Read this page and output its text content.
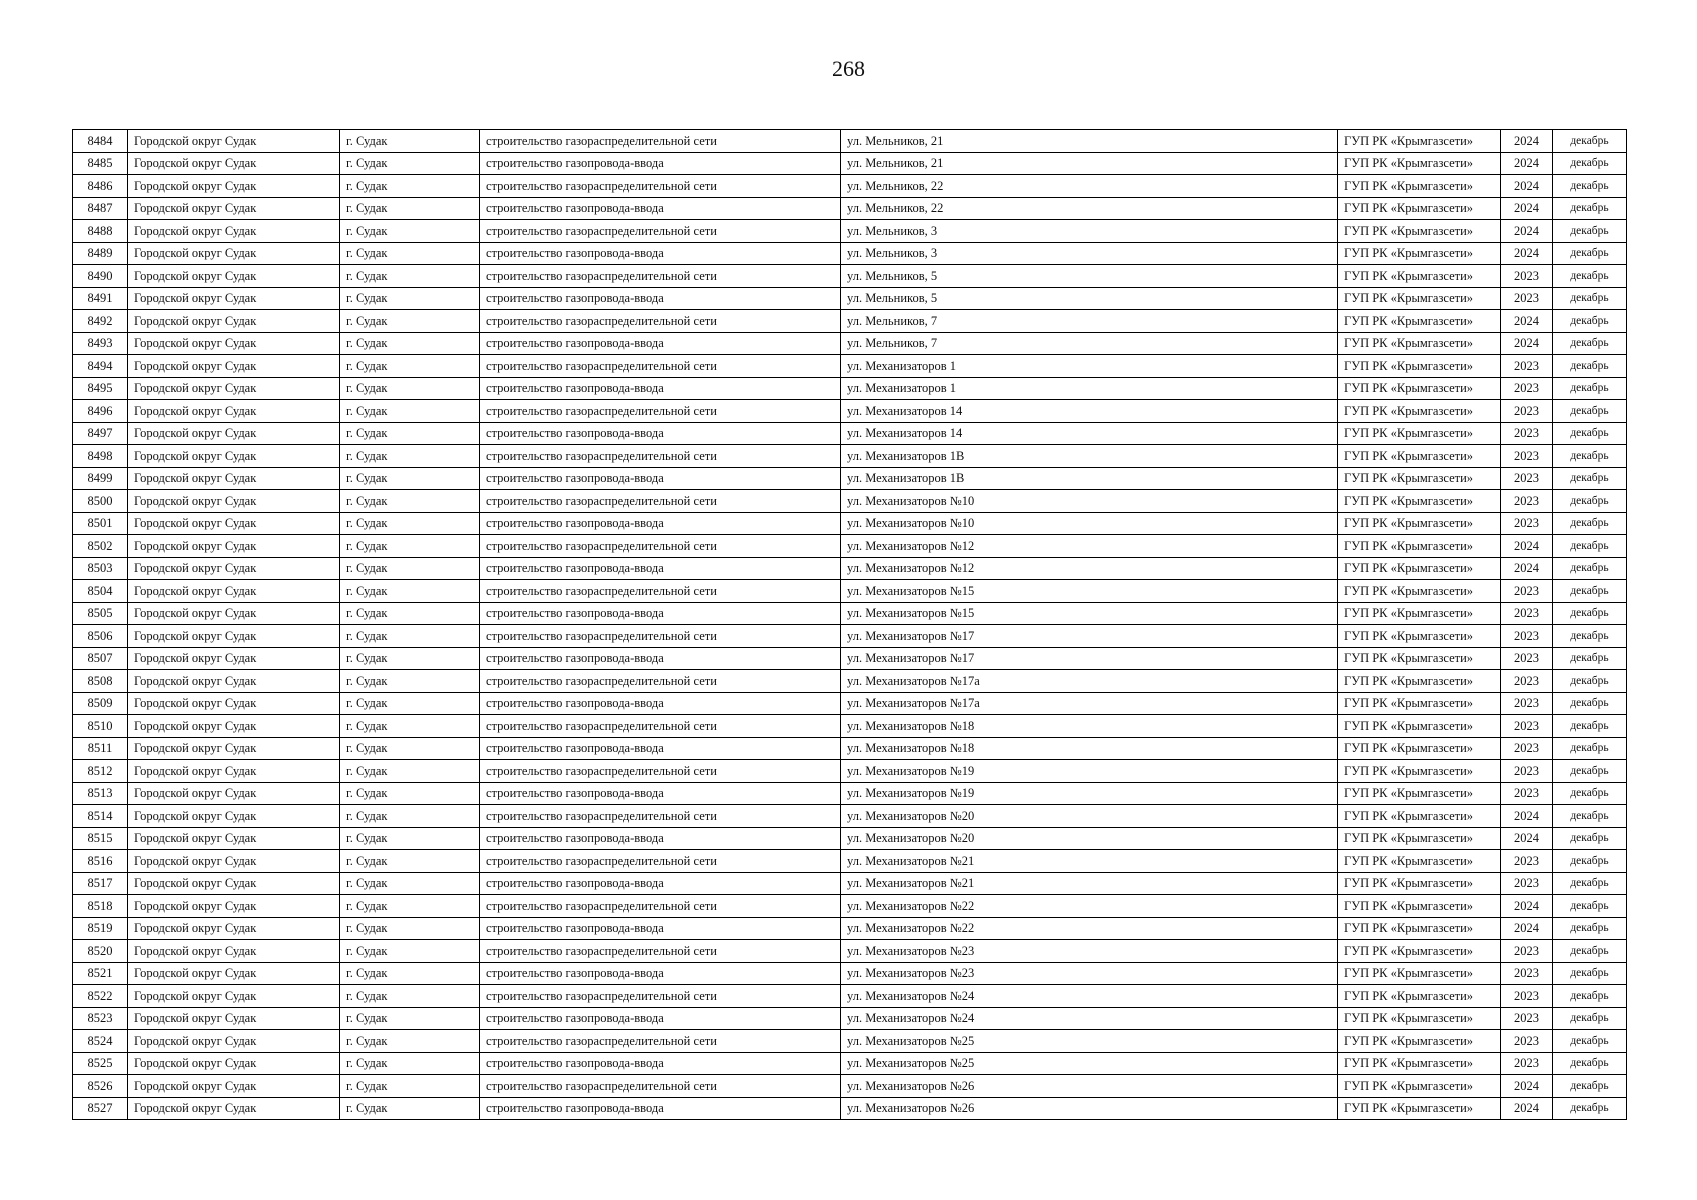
268
8484	Городской округ Судак	г. Судак	строительство газораспределительной сети	ул. Мельников, 21	ГУП РК «Крымгазсети»	2024	декабрь
8485	Городской округ Судак	г. Судак	строительство газопровода-ввода	ул. Мельников, 21	ГУП РК «Крымгазсети»	2024	декабрь
8486	Городской округ Судак	г. Судак	строительство газораспределительной сети	ул. Мельников, 22	ГУП РК «Крымгазсети»	2024	декабрь
8487	Городской округ Судак	г. Судак	строительство газопровода-ввода	ул. Мельников, 22	ГУП РК «Крымгазсети»	2024	декабрь
8488	Городской округ Судак	г. Судак	строительство газораспределительной сети	ул. Мельников, 3	ГУП РК «Крымгазсети»	2024	декабрь
8489	Городской округ Судак	г. Судак	строительство газопровода-ввода	ул. Мельников, 3	ГУП РК «Крымгазсети»	2024	декабрь
8490	Городской округ Судак	г. Судак	строительство газораспределительной сети	ул. Мельников, 5	ГУП РК «Крымгазсети»	2023	декабрь
8491	Городской округ Судак	г. Судак	строительство газопровода-ввода	ул. Мельников, 5	ГУП РК «Крымгазсети»	2023	декабрь
8492	Городской округ Судак	г. Судак	строительство газораспределительной сети	ул. Мельников, 7	ГУП РК «Крымгазсети»	2024	декабрь
8493	Городской округ Судак	г. Судак	строительство газопровода-ввода	ул. Мельников, 7	ГУП РК «Крымгазсети»	2024	декабрь
8494	Городской округ Судак	г. Судак	строительство газораспределительной сети	ул. Механизаторов 1	ГУП РК «Крымгазсети»	2023	декабрь
8495	Городской округ Судак	г. Судак	строительство газопровода-ввода	ул. Механизаторов 1	ГУП РК «Крымгазсети»	2023	декабрь
8496	Городской округ Судак	г. Судак	строительство газораспределительной сети	ул. Механизаторов 14	ГУП РК «Крымгазсети»	2023	декабрь
8497	Городской округ Судак	г. Судак	строительство газопровода-ввода	ул. Механизаторов 14	ГУП РК «Крымгазсети»	2023	декабрь
8498	Городской округ Судак	г. Судак	строительство газораспределительной сети	ул. Механизаторов 1В	ГУП РК «Крымгазсети»	2023	декабрь
8499	Городской округ Судак	г. Судак	строительство газопровода-ввода	ул. Механизаторов 1В	ГУП РК «Крымгазсети»	2023	декабрь
8500	Городской округ Судак	г. Судак	строительство газораспределительной сети	ул. Механизаторов №10	ГУП РК «Крымгазсети»	2023	декабрь
8501	Городской округ Судак	г. Судак	строительство газопровода-ввода	ул. Механизаторов №10	ГУП РК «Крымгазсети»	2023	декабрь
8502	Городской округ Судак	г. Судак	строительство газораспределительной сети	ул. Механизаторов №12	ГУП РК «Крымгазсети»	2024	декабрь
8503	Городской округ Судак	г. Судак	строительство газопровода-ввода	ул. Механизаторов №12	ГУП РК «Крымгазсети»	2024	декабрь
8504	Городской округ Судак	г. Судак	строительство газораспределительной сети	ул. Механизаторов №15	ГУП РК «Крымгазсети»	2023	декабрь
8505	Городской округ Судак	г. Судак	строительство газопровода-ввода	ул. Механизаторов №15	ГУП РК «Крымгазсети»	2023	декабрь
8506	Городской округ Судак	г. Судак	строительство газораспределительной сети	ул. Механизаторов №17	ГУП РК «Крымгазсети»	2023	декабрь
8507	Городской округ Судак	г. Судак	строительство газопровода-ввода	ул. Механизаторов №17	ГУП РК «Крымгазсети»	2023	декабрь
8508	Городской округ Судак	г. Судак	строительство газораспределительной сети	ул. Механизаторов №17а	ГУП РК «Крымгазсети»	2023	декабрь
8509	Городской округ Судак	г. Судак	строительство газопровода-ввода	ул. Механизаторов №17а	ГУП РК «Крымгазсети»	2023	декабрь
8510	Городской округ Судак	г. Судак	строительство газораспределительной сети	ул. Механизаторов №18	ГУП РК «Крымгазсети»	2023	декабрь
8511	Городской округ Судак	г. Судак	строительство газопровода-ввода	ул. Механизаторов №18	ГУП РК «Крымгазсети»	2023	декабрь
8512	Городской округ Судак	г. Судак	строительство газораспределительной сети	ул. Механизаторов №19	ГУП РК «Крымгазсети»	2023	декабрь
8513	Городской округ Судак	г. Судак	строительство газопровода-ввода	ул. Механизаторов №19	ГУП РК «Крымгазсети»	2023	декабрь
8514	Городской округ Судак	г. Судак	строительство газораспределительной сети	ул. Механизаторов №20	ГУП РК «Крымгазсети»	2024	декабрь
8515	Городской округ Судак	г. Судак	строительство газопровода-ввода	ул. Механизаторов №20	ГУП РК «Крымгазсети»	2024	декабрь
8516	Городской округ Судак	г. Судак	строительство газораспределительной сети	ул. Механизаторов №21	ГУП РК «Крымгазсети»	2023	декабрь
8517	Городской округ Судак	г. Судак	строительство газопровода-ввода	ул. Механизаторов №21	ГУП РК «Крымгазсети»	2023	декабрь
8518	Городской округ Судак	г. Судак	строительство газораспределительной сети	ул. Механизаторов №22	ГУП РК «Крымгазсети»	2024	декабрь
8519	Городской округ Судак	г. Судак	строительство газопровода-ввода	ул. Механизаторов №22	ГУП РК «Крымгазсети»	2024	декабрь
8520	Городской округ Судак	г. Судак	строительство газораспределительной сети	ул. Механизаторов №23	ГУП РК «Крымгазсети»	2023	декабрь
8521	Городской округ Судак	г. Судак	строительство газопровода-ввода	ул. Механизаторов №23	ГУП РК «Крымгазсети»	2023	декабрь
8522	Городской округ Судак	г. Судак	строительство газораспределительной сети	ул. Механизаторов №24	ГУП РК «Крымгазсети»	2023	декабрь
8523	Городской округ Судак	г. Судак	строительство газопровода-ввода	ул. Механизаторов №24	ГУП РК «Крымгазсети»	2023	декабрь
8524	Городской округ Судак	г. Судак	строительство газораспределительной сети	ул. Механизаторов №25	ГУП РК «Крымгазсети»	2023	декабрь
8525	Городской округ Судак	г. Судак	строительство газопровода-ввода	ул. Механизаторов №25	ГУП РК «Крымгазсети»	2023	декабрь
8526	Городской округ Судак	г. Судак	строительство газораспределительной сети	ул. Механизаторов №26	ГУП РК «Крымгазсети»	2024	декабрь
8527	Городской округ Судак	г. Судак	строительство газопровода-ввода	ул. Механизаторов №26	ГУП РК «Крымгазсети»	2024	декабрь
